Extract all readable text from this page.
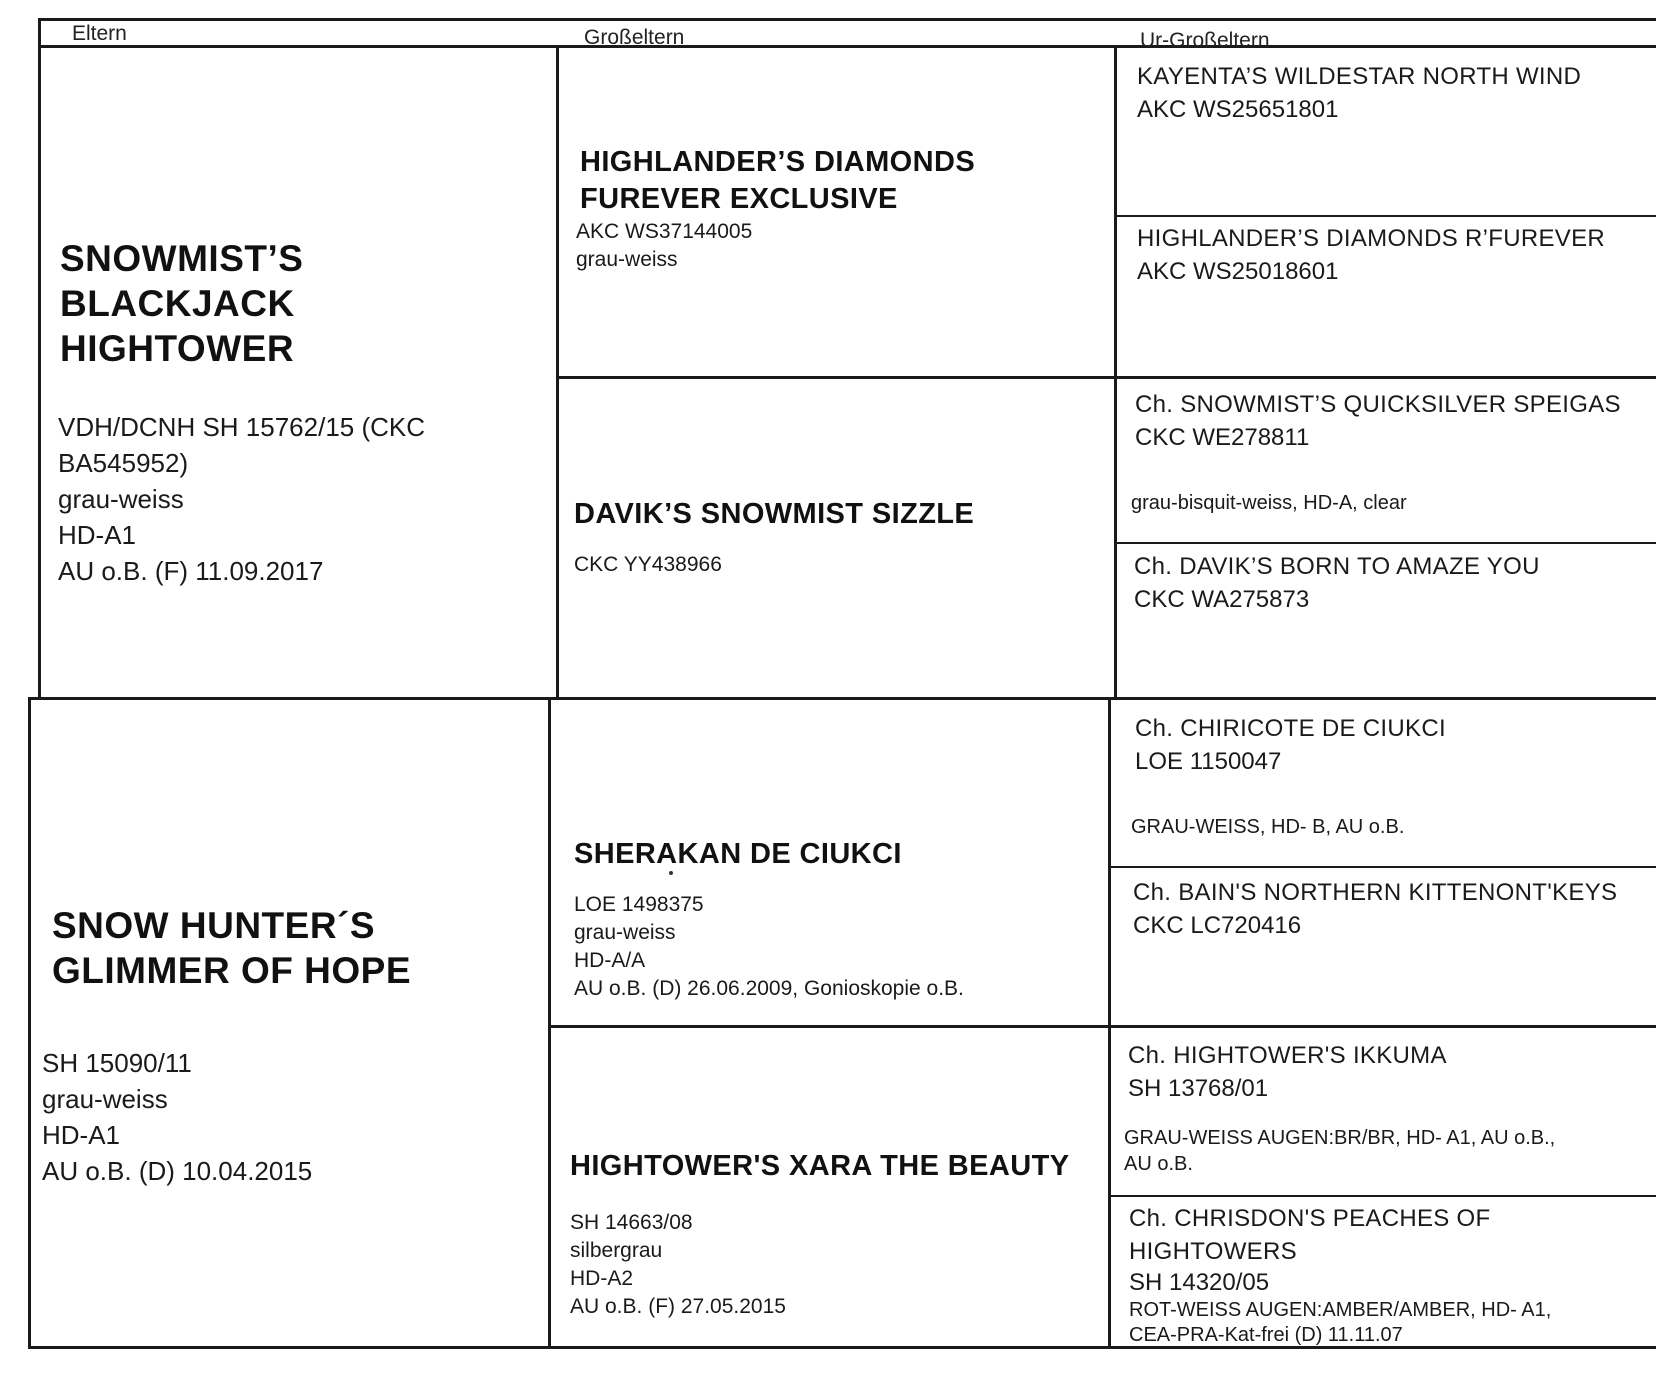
Eltern	Großeltern	Ur-Großeltern

SNOWMIST’S

BLACKJACK

HIGHTOWER

VDH/DCNH SH 15762/15 (CKC

BA545952)

grau-weiss

HD-A1

AU o.B. (F) 11.09.2017

SNOW HUNTER´S

GLIMMER OF HOPE

SH 15090/11

grau-weiss

HD-A1

AU o.B. (D) 10.04.2015

HIGHLANDER’S DIAMONDS

FUREVER EXCLUSIVE

AKC WS37144005

grau-weiss

DAVIK’S SNOWMIST SIZZLE

CKC YY438966

SHERAKAN DE CIUKCI

LOE 1498375

grau-weiss

HD-A/A

AU o.B. (D) 26.06.2009, Gonioskopie o.B.

HIGHTOWER'S XARA THE BEAUTY

SH 14663/08

silbergrau

HD-A2

AU o.B. (F) 27.05.2015

KAYENTA’S WILDESTAR NORTH WIND

AKC WS25651801

HIGHLANDER’S DIAMONDS R’FUREVER

AKC WS25018601

Ch. SNOWMIST’S QUICKSILVER SPEIGAS

CKC WE278811

grau-bisquit-weiss, HD-A, clear

Ch. DAVIK’S BORN TO AMAZE YOU

CKC WA275873

Ch. CHIRICOTE DE CIUKCI

LOE 1150047

GRAU-WEISS, HD- B, AU o.B.

Ch. BAIN'S NORTHERN KITTENONT'KEYS

CKC LC720416

Ch. HIGHTOWER'S IKKUMA

SH 13768/01

GRAU-WEISS AUGEN:BR/BR, HD- A1, AU o.B.,

AU o.B.

Ch. CHRISDON'S PEACHES OF

HIGHTOWERS

SH 14320/05

ROT-WEISS AUGEN:AMBER/AMBER, HD- A1,

CEA-PRA-Kat-frei (D) 11.11.07
